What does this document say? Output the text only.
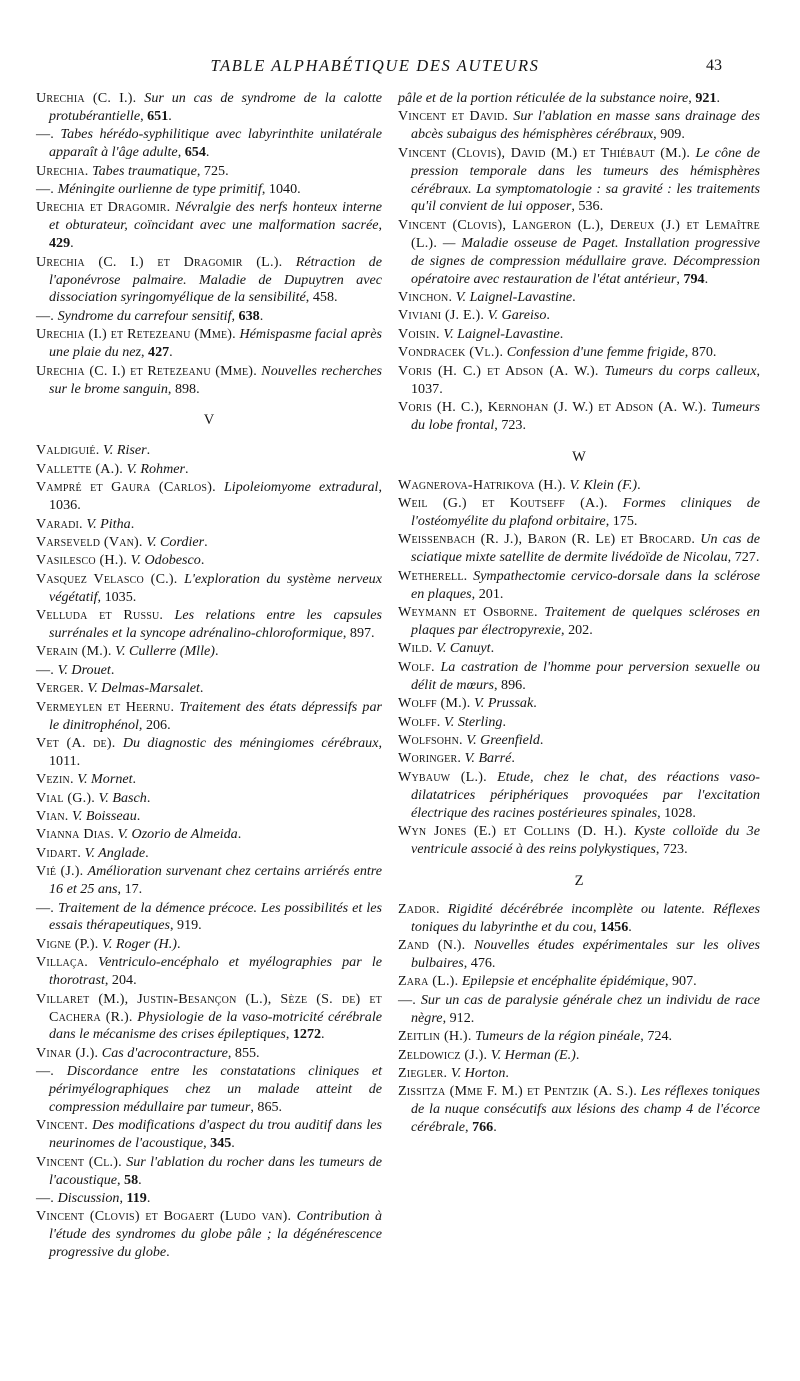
TABLE ALPHABÉTIQUE DES AUTEURS	43

Urechia (C. I.). Sur un cas de syndrome de la calotte protubérantielle, 651.

—. Tabes hérédo-syphilitique avec labyrinthite unilatérale apparaît à l'âge adulte, 654.

Urechia. Tabes traumatique, 725.

—. Méningite ourlienne de type primitif, 1040.

Urechia et Dragomir. Névralgie des nerfs honteux interne et obturateur, coïncidant avec une malformation sacrée, 429.

Urechia (C. I.) et Dragomir (L.). Rétraction de l'aponévrose palmaire. Maladie de Dupuytren avec dissociation syringomyélique de la sensibilité, 458.

—. Syndrome du carrefour sensitif, 638.

Urechia (I.) et Retezeanu (Mme). Hémispasme facial après une plaie du nez, 427.

Urechia (C. I.) et Retezeanu (Mme). Nouvelles recherches sur le brome sanguin, 898.

V

Valdiguié. V. Riser.

Vallette (A.). V. Rohmer.

Vampré et Gaura (Carlos). Lipoleiomyome extradural, 1036.

Varadi. V. Pitha.

Varseveld (Van). V. Cordier.

Vasilesco (H.). V. Odobesco.

Vasquez Velasco (C.). L'exploration du système nerveux végétatif, 1035.

Velluda et Russu. Les relations entre les capsules surrénales et la syncope adrénalino-chloroformique, 897.

Verain (M.). V. Cullerre (Mlle).

—. V. Drouet.

Verger. V. Delmas-Marsalet.

Vermeylen et Heernu. Traitement des états dépressifs par le dinitrophénol, 206.

Vet (A. de). Du diagnostic des méningiomes cérébraux, 1011.

Vezin. V. Mornet.

Vial (G.). V. Basch.

Vian. V. Boisseau.

Vianna Dias. V. Ozorio de Almeida.

Vidart. V. Anglade.

Vié (J.). Amélioration survenant chez certains arriérés entre 16 et 25 ans, 17.

—. Traitement de la démence précoce. Les possibilités et les essais thérapeutiques, 919.

Vigne (P.). V. Roger (H.).

Villaça. Ventriculo-encéphalo et myélographies par le thorotrast, 204.

Villaret (M.), Justin-Besançon (L.), Sèze (S. de) et Cachera (R.). Physiologie de la vaso-motricité cérébrale dans le mécanisme des crises épileptiques, 1272.

Vinar (J.). Cas d'acrocontracture, 855.

—. Discordance entre les constatations cliniques et périmyélographiques chez un malade atteint de compression médullaire par tumeur, 865.

Vincent. Des modifications d'aspect du trou auditif dans les neurinomes de l'acoustique, 345.

Vincent (Cl.). Sur l'ablation du rocher dans les tumeurs de l'acoustique, 58.

—. Discussion, 119.

Vincent (Clovis) et Bogaert (Ludo van). Contribution à l'étude des syndromes du globe pâle ; la dégénérescence progressive du globe.

pâle et de la portion réticulée de la substance noire, 921.

Vincent et David. Sur l'ablation en masse sans drainage des abcès subaigus des hémisphères cérébraux, 909.

Vincent (Clovis), David (M.) et Thiébaut (M.). Le cône de pression temporale dans les tumeurs des hémisphères cérébraux. La symptomatologie : sa gravité : les traitements qu'il convient de lui opposer, 536.

Vincent (Clovis), Langeron (L.), Dereux (J.) et Lemaître (L.). — Maladie osseuse de Paget. Installation progressive de signes de compression médullaire grave. Décompression opératoire avec restauration de l'état antérieur, 794.

Vinchon. V. Laignel-Lavastine.

Viviani (J. E.). V. Gareiso.

Voisin. V. Laignel-Lavastine.

Vondracek (Vl.). Confession d'une femme frigide, 870.

Voris (H. C.) et Adson (A. W.). Tumeurs du corps calleux, 1037.

Voris (H. C.), Kernohan (J. W.) et Adson (A. W.). Tumeurs du lobe frontal, 723.

W

Wagnerova-Hatrikova (H.). V. Klein (F.).

Weil (G.) et Koutseff (A.). Formes cliniques de l'ostéomyélite du plafond orbitaire, 175.

Weissenbach (R. J.), Baron (R. Le) et Brocard. Un cas de sciatique mixte satellite de dermite livédoïde de Nicolau, 727.

Wetherell. Sympathectomie cervico-dorsale dans la sclérose en plaques, 201.

Weymann et Osborne. Traitement de quelques scléroses en plaques par électropyrexie, 202.

Wild. V. Canuyt.

Wolf. La castration de l'homme pour perversion sexuelle ou délit de mœurs, 896.

Wolff (M.). V. Prussak.

Wolff. V. Sterling.

Wolfsohn. V. Greenfield.

Woringer. V. Barré.

Wybauw (L.). Etude, chez le chat, des réactions vaso-dilatatrices périphériques provoquées par l'excitation électrique des racines postérieures spinales, 1028.

Wyn Jones (E.) et Collins (D. H.). Kyste colloïde du 3e ventricule associé à des reins polykystiques, 723.

Z

Zador. Rigidité décérébrée incomplète ou latente. Réflexes toniques du labyrinthe et du cou, 1456.

Zand (N.). Nouvelles études expérimentales sur les olives bulbaires, 476.

Zara (L.). Epilepsie et encéphalite épidémique, 907.

—. Sur un cas de paralysie générale chez un individu de race nègre, 912.

Zeitlin (H.). Tumeurs de la région pinéale, 724.

Zeldowicz (J.). V. Herman (E.).

Ziegler. V. Horton.

Zissitza (Mme F. M.) et Pentzik (A. S.). Les réflexes toniques de la nuque consécutifs aux lésions des champ 4 de l'écorce cérébrale, 766.
